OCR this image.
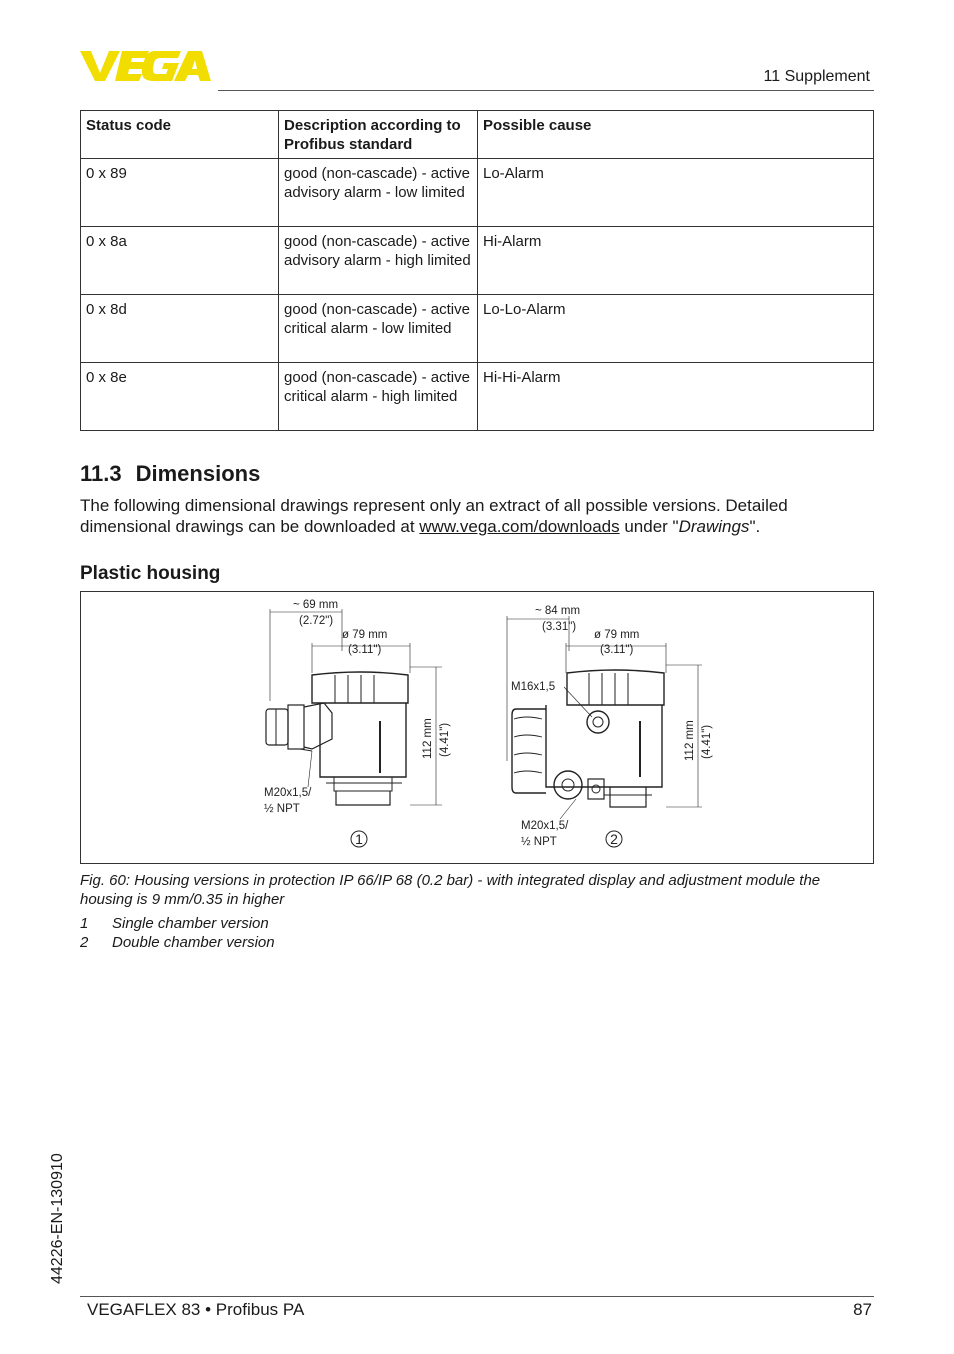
11 Supplement
Status code	Description according to Profibus standard	Possible cause
0 x 89	good (non-cascade) - active advisory alarm - low limited	Lo-Alarm
0 x 8a	good (non-cascade) - active advisory alarm - high limited	Hi-Alarm
0 x 8d	good (non-cascade) - active critical alarm - low limited	Lo-Lo-Alarm
0 x 8e	good (non-cascade) - active critical alarm - high limited	Hi-Hi-Alarm
11.3 Dimensions
The following dimensional drawings represent only an extract of all possible versions. Detailed dimensional drawings can be downloaded at www.vega.com/downloads under "Drawings".
Plastic housing
~ 69 mm
(2.72")
ø 79 mm
(3.11")
112 mm (4.41")
M20x1,5/
½ NPT
1
~ 84 mm
(3.31")
ø 79 mm
(3.11")
112 mm (4.41")
M16x1,5
M20x1,5/
½ NPT	2
Fig. 60: Housing versions in protection IP 66/IP 68 (0.2 bar) - with integrated display and adjustment module the housing is 9 mm/0.35 in higher
1 Single chamber version
2 Double chamber version
44226-EN-130910
VEGAFLEX 83 • Profibus PA	87
